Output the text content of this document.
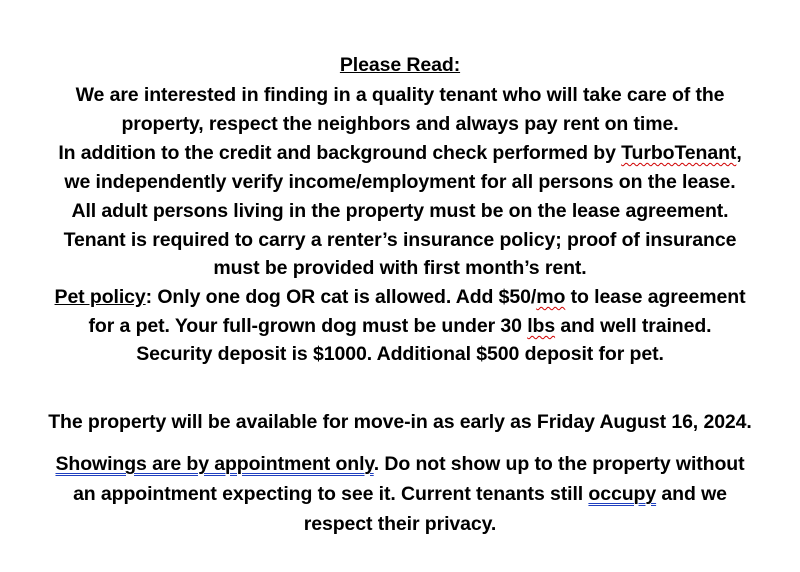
Please Read:
We are interested in finding in a quality tenant who will take care of the
property, respect the neighbors and always pay rent on time.
In addition to the credit and background check performed by TurboTenant,
we independently verify income/employment for all persons on the lease.
All adult persons living in the property must be on the lease agreement.
Tenant is required to carry a renter’s insurance policy; proof of insurance
must be provided with first month’s rent.
Pet policy: Only one dog OR cat is allowed. Add $50/mo to lease agreement
for a pet. Your full-grown dog must be under 30 lbs and well trained.
Security deposit is $1000. Additional $500 deposit for pet.
The property will be available for move-in as early as Friday August 16, 2024.
Showings are by appointment only. Do not show up to the property without
an appointment expecting to see it. Current tenants still occupy and we
respect their privacy.
